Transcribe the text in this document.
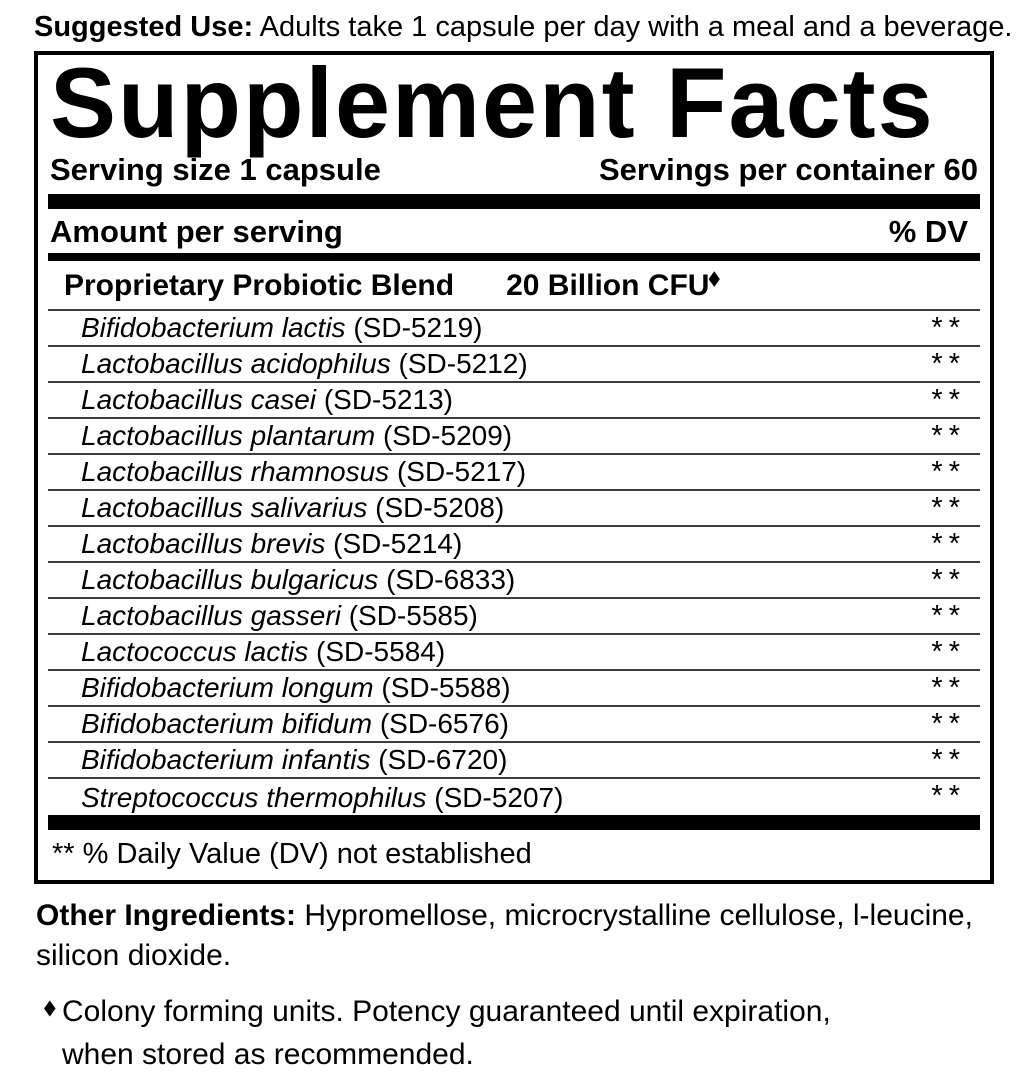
Suggested Use: Adults take 1 capsule per day with a meal and a beverage.

Supplement Facts
Serving size 1 capsule	Servings per container 60
Amount per serving	% DV
Proprietary Probiotic Blend 20 Billion CFU◆
Bifidobacterium lactis (SD-5219)	**
Lactobacillus acidophilus (SD-5212)	**
Lactobacillus casei (SD-5213)	**
Lactobacillus plantarum (SD-5209)	**
Lactobacillus rhamnosus (SD-5217)	**
Lactobacillus salivarius (SD-5208)	**
Lactobacillus brevis (SD-5214)	**
Lactobacillus bulgaricus (SD-6833)	**
Lactobacillus gasseri (SD-5585)	**
Lactococcus lactis (SD-5584)	**
Bifidobacterium longum (SD-5588)	**
Bifidobacterium bifidum (SD-6576)	**
Bifidobacterium infantis (SD-6720)	**
Streptococcus thermophilus (SD-5207)	**

** % Daily Value (DV) not established

Other Ingredients: Hypromellose, microcrystalline cellulose, l-leucine,
silicon dioxide.

◆ Colony forming units. Potency guaranteed until expiration,
when stored as recommended.
